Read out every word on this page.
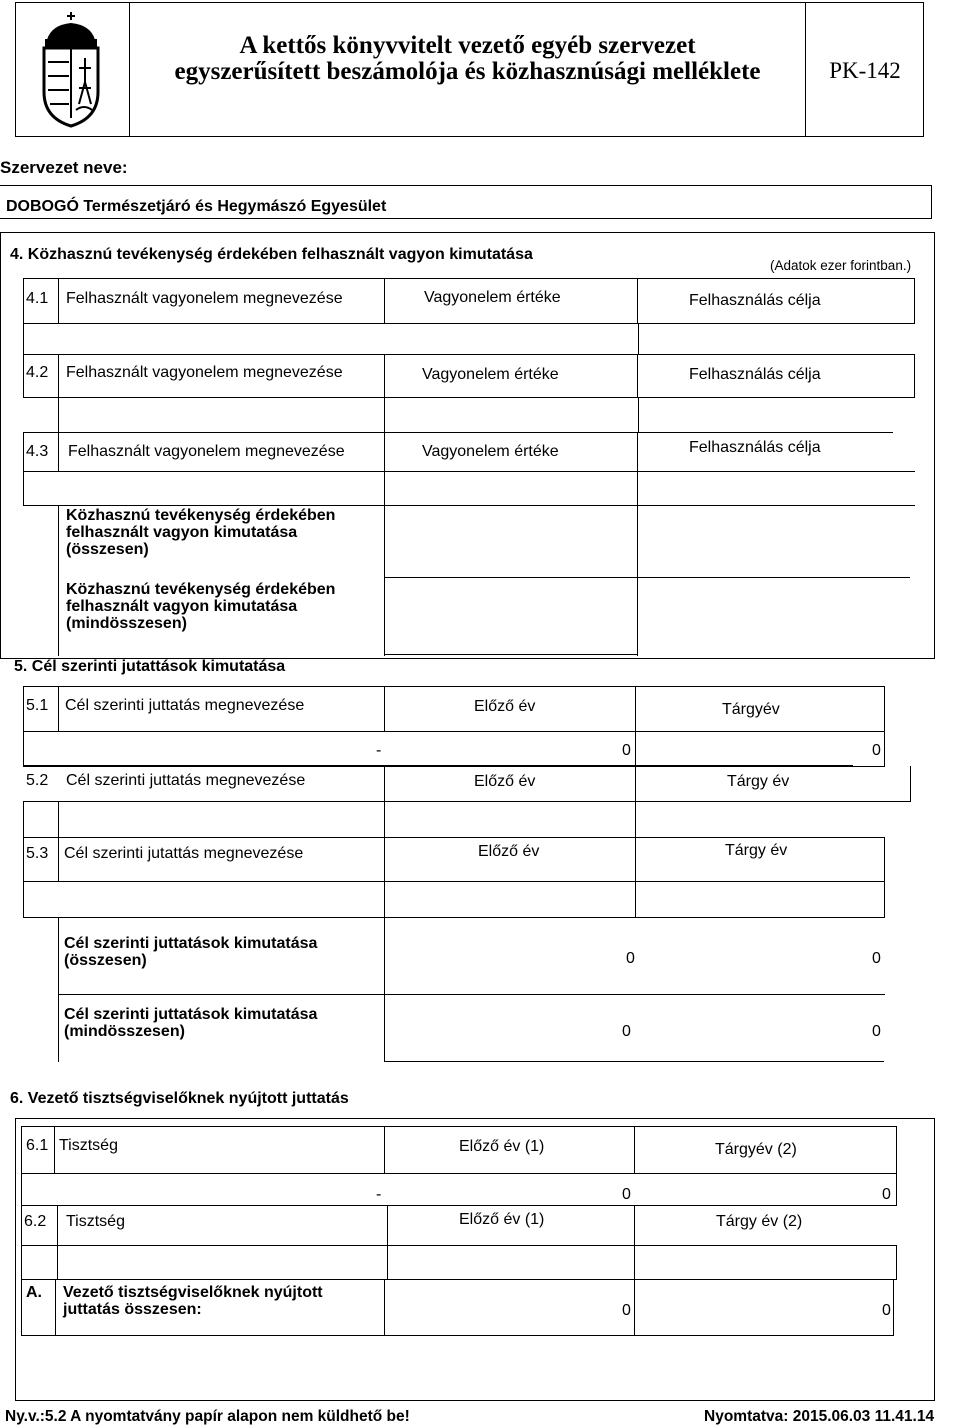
A kettős könyvvitelt vezető egyéb szervezet
egyszerűsített beszámolója és közhasznúsági melléklete	PK-142
Szervezet neve:
DOBOGÓ Természetjáró és Hegymászó Egyesület
4. Közhasznú tevékenység érdekében felhasznált vagyon kimutatása
(Adatok ezer forintban.)
4.1 Felhasznált vagyonelem megnevezése	Vagyonelem értéke	Felhasználás célja
4.2 Felhasznált vagyonelem megnevezése	Vagyonelem értéke	Felhasználás célja
4.3 Felhasznált vagyonelem megnevezése	Vagyonelem értéke	Felhasználás célja
Közhasznú tevékenység érdekében
felhasznált vagyon kimutatása
(összesen)
Közhasznú tevékenység érdekében
felhasznált vagyon kimutatása
(mindösszesen)
5. Cél szerinti jutattások kimutatása
5.1 Cél szerinti juttatás megnevezése	Előző év	Tárgyév
-	0	0
5.2 Cél szerinti juttatás megnevezése	Előző év	Tárgy év
5.3 Cél szerinti jutattás megnevezése	Előző év	Tárgy év
Cél szerinti juttatások kimutatása
(összesen)	0	0
Cél szerinti juttatások kimutatása
(mindösszesen)	0	0
6. Vezető tisztségviselőknek nyújtott juttatás
6.1 Tisztség	Előző év (1)	Tárgyév (2)
-	0	0
6.2 Tisztség	Előző év (1)	Tárgy év (2)
A. Vezető tisztségviselőknek nyújtott
juttatás összesen:	0	0
Ny.v.:5.2 A nyomtatvány papír alapon nem küldhető be!	Nyomtatva: 2015.06.03 11.41.14
